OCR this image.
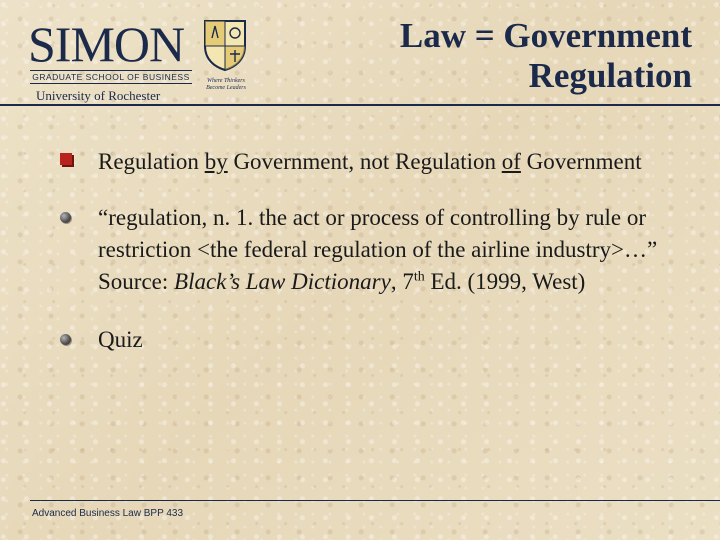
SIMON
GRADUATE SCHOOL OF BUSINESS
University of Rochester
Where Thinkers Become Leaders
Law = Government
Regulation
Regulation by Government, not Regulation of Government
“regulation, n. 1. the act or process of controlling by rule or restriction <the federal regulation of the airline industry>…” Source: Black’s Law Dictionary, 7th Ed. (1999, West)
Quiz
Advanced Business Law BPP 433
